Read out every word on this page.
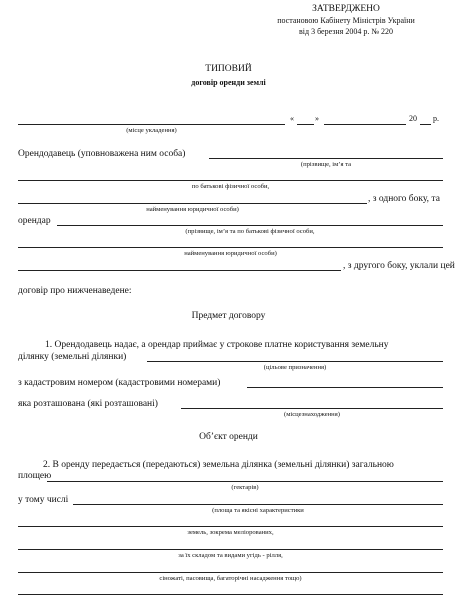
ЗАТВЕРДЖЕНО
постановою Кабінету Міністрів України
від 3 березня 2004 р. № 220
ТИПОВИЙ
договір оренди землі
«	»	20 р.
(місце укладення)
Орендодавець (уповноважена ним особа)
(прізвище, ім’я та
по батькові фізичної особи,
, з одного боку, та
найменування юридичної особи)
орендар
(прізвище, ім’я та по батькові фізичної особи,
найменування юридичної особи)
, з другого боку, уклали цей
договір про нижченаведене:
Предмет договору
1. Орендодавець надає, а орендар приймає у строкове платне користування земельну
ділянку (земельні ділянки)
(цільове призначення)
з кадастровим номером (кадастровими номерами)
яка розташована (які розташовані)
(місцезнаходження)
Об’єкт оренди
2. В оренду передається (передаються) земельна ділянка (земельні ділянки) загальною
площею
(гектарів)
у тому числі
(площа та якісні характеристики
земель, зокрема меліорованих,
за їх складом та видами угідь - рілля,
сіножаті, пасовища, багаторічні насадження тощо)
